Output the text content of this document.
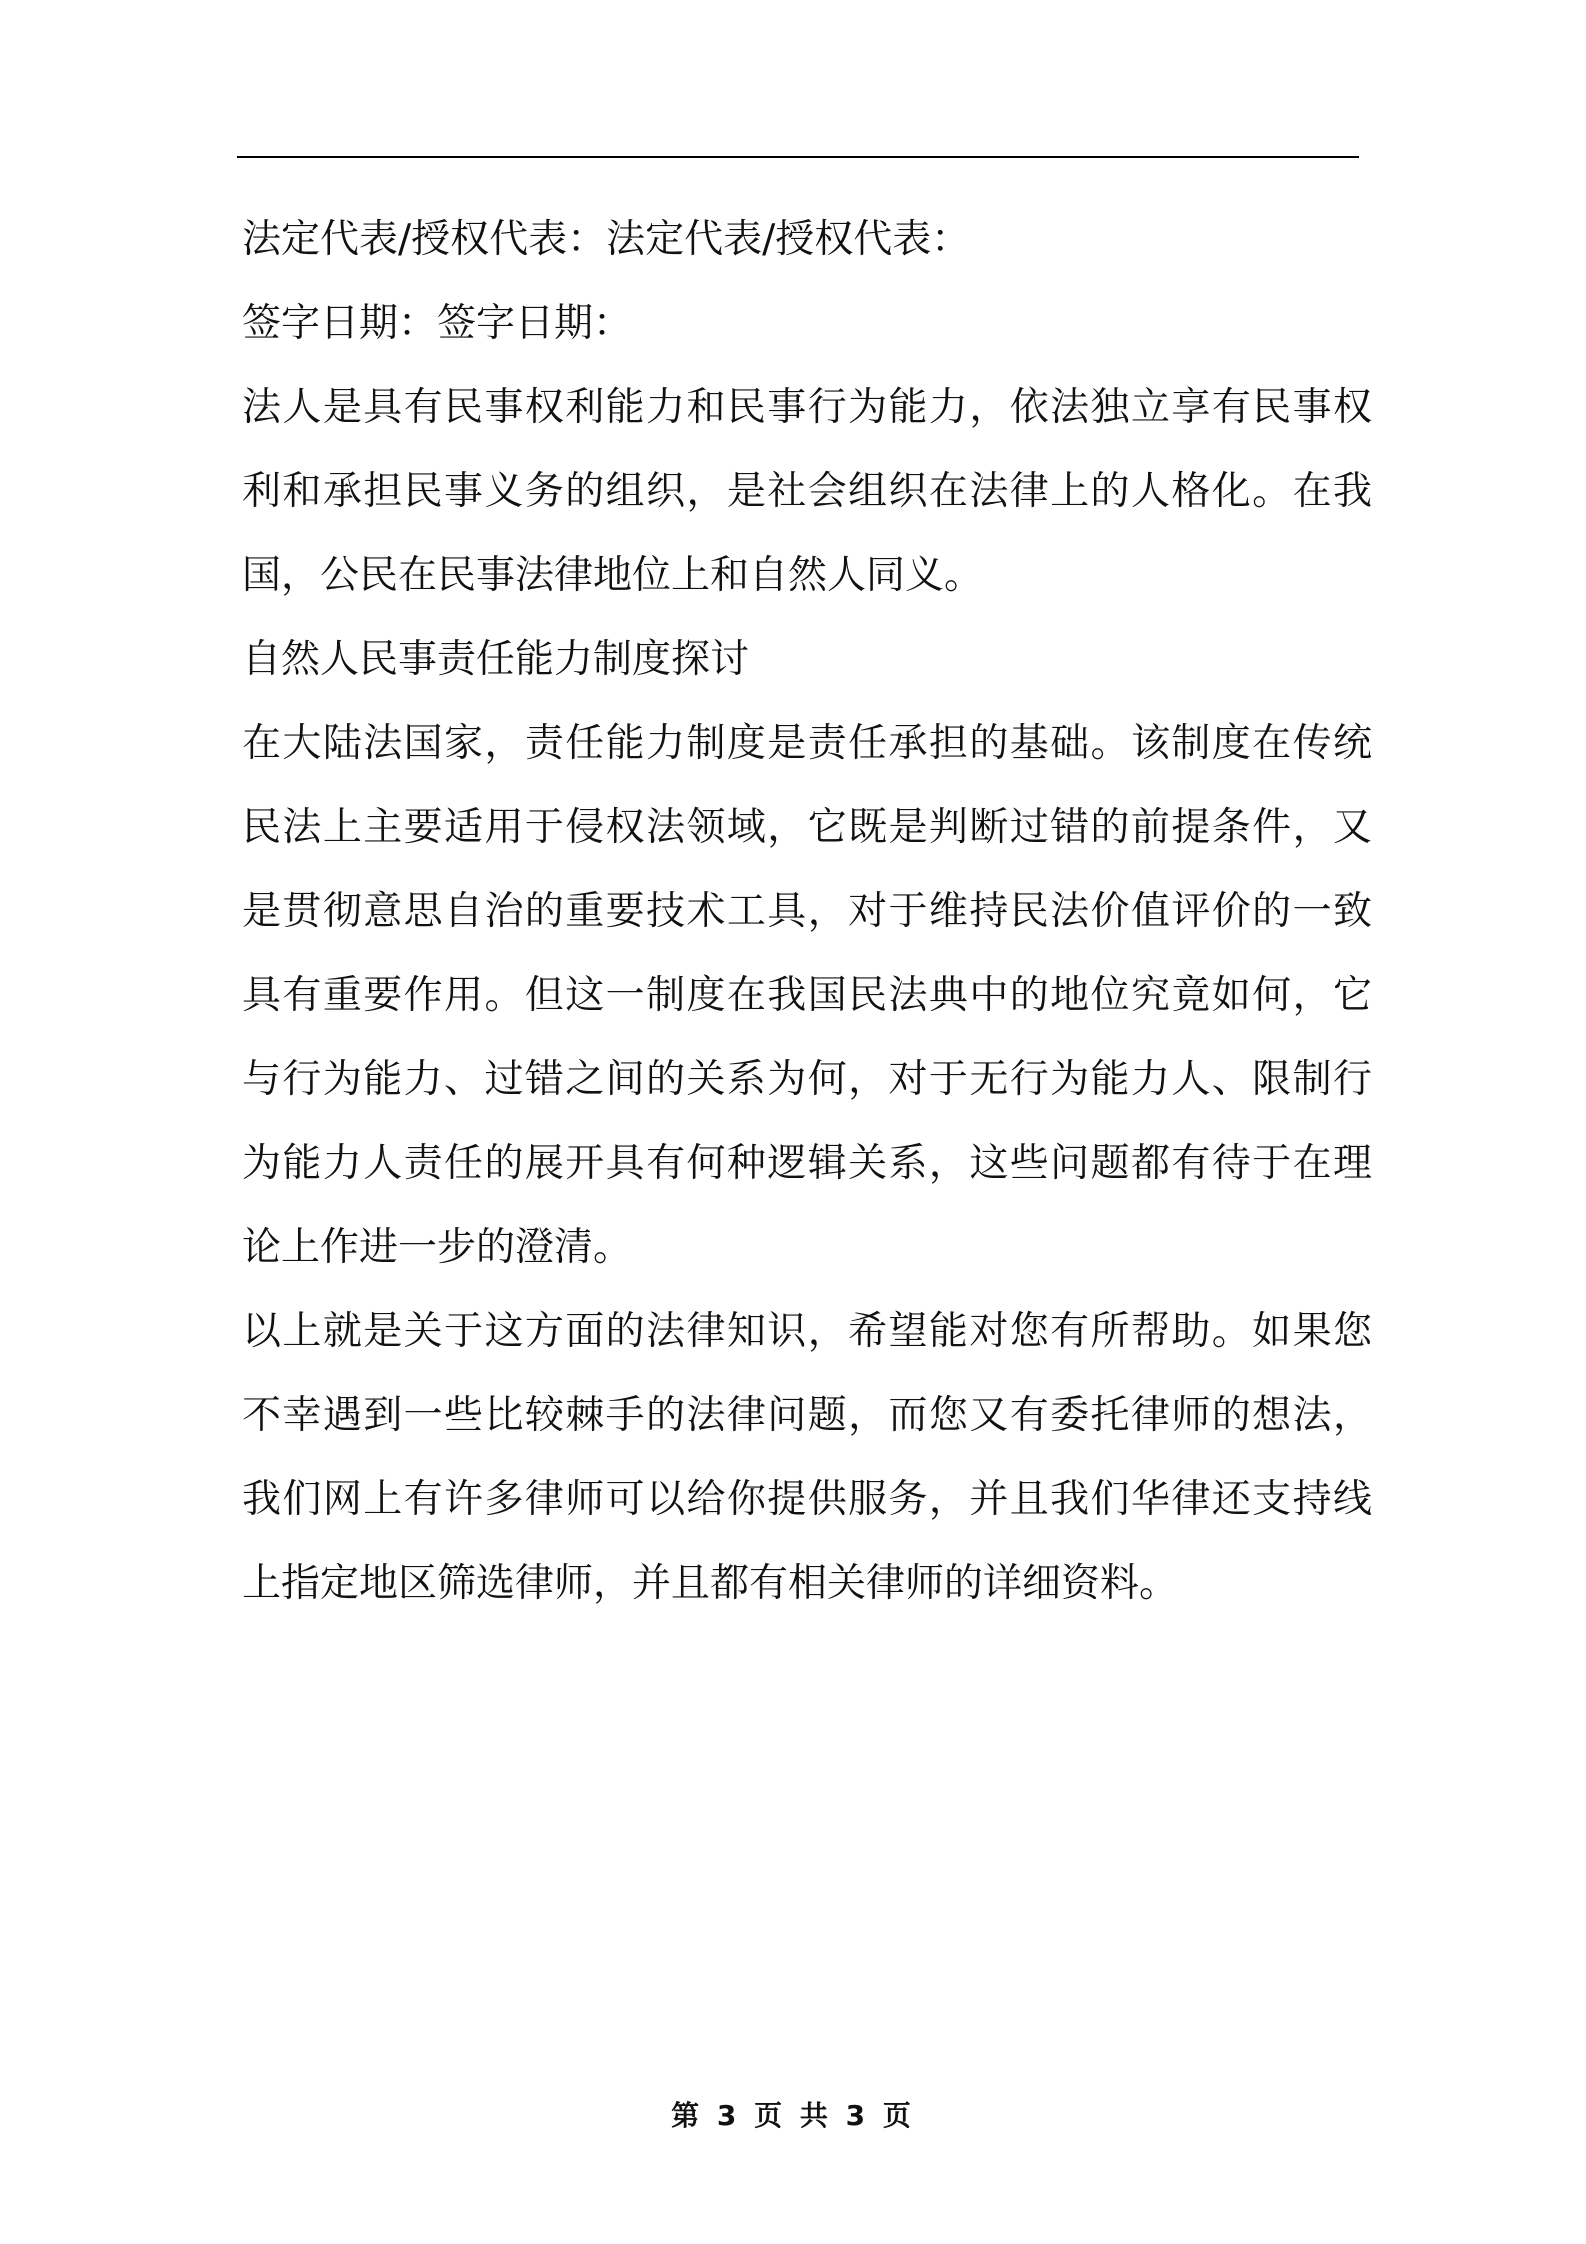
法定代表/授权代表：法定代表/授权代表：

签字日期：签字日期：

法人是具有民事权利能力和民事行为能力，依法独立享有民事权利和承担民事义务的组织，是社会组织在法律上的人格化。在我国，公民在民事法律地位上和自然人同义。

自然人民事责任能力制度探讨

在大陆法国家，责任能力制度是责任承担的基础。该制度在传统民法上主要适用于侵权法领域，它既是判断过错的前提条件，又是贯彻意思自治的重要技术工具，对于维持民法价值评价的一致具有重要作用。但这一制度在我国民法典中的地位究竟如何，它与行为能力、过错之间的关系为何，对于无行为能力人、限制行为能力人责任的展开具有何种逻辑关系，这些问题都有待于在理论上作进一步的澄清。

以上就是关于这方面的法律知识，希望能对您有所帮助。如果您不幸遇到一些比较棘手的法律问题，而您又有委托律师的想法，我们网上有许多律师可以给你提供服务，并且我们华律还支持线上指定地区筛选律师，并且都有相关律师的详细资料。

第 3 页 共 3 页
